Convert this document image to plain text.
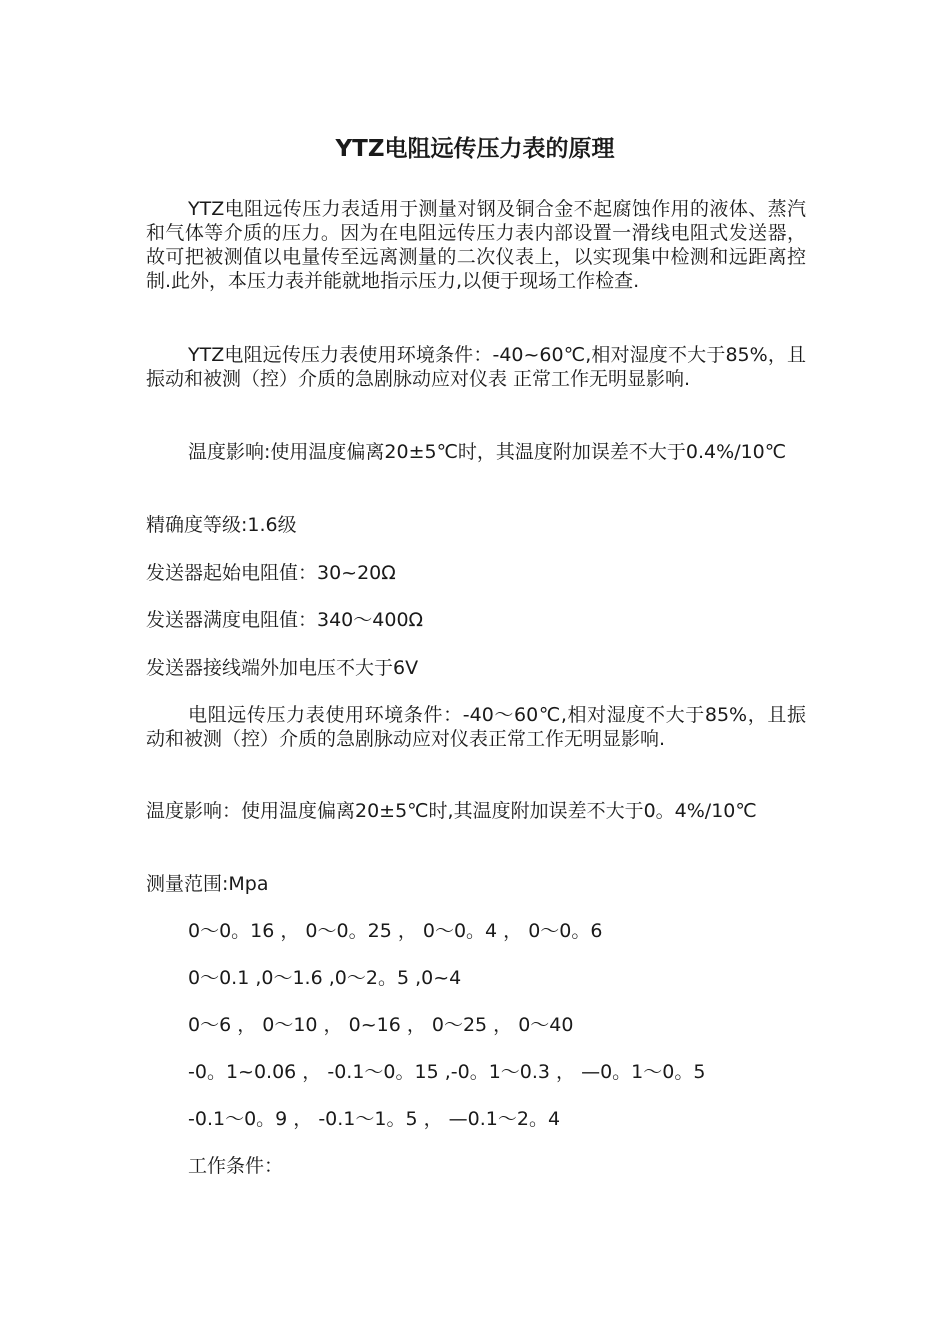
YTZ电阻远传压力表的原理
YTZ电阻远传压力表适用于测量对钢及铜合金不起腐蚀作用的液体、蒸汽和气体等介质的压力。因为在电阻远传压力表内部设置一滑线电阻式发送器，故可把被测值以电量传至远离测量的二次仪表上，以实现集中检测和远距离控制.此外，本压力表并能就地指示压力,以便于现场工作检查.
YTZ电阻远传压力表使用环境条件：-40~60℃,相对湿度不大于85%，且振动和被测（控）介质的急剧脉动应对仪表 正常工作无明显影响.
温度影响:使用温度偏离20±5℃时，其温度附加误差不大于0.4%/10℃
精确度等级:1.6级
发送器起始电阻值：30~20Ω
发送器满度电阻值：340～400Ω
发送器接线端外加电压不大于6V
电阻远传压力表使用环境条件：-40～60℃,相对湿度不大于85%，且振动和被测（控）介质的急剧脉动应对仪表正常工作无明显影响.
温度影响：使用温度偏离20±5℃时,其温度附加误差不大于0。4%/10℃
测量范围:Mpa
0～0。16 ， 0～0。25 ， 0～0。4 ， 0～0。6
0～0.1 ,0～1.6 ,0～2。5 ,0~4
0～6 ， 0～10 ， 0~16 ， 0～25 ， 0～40
-0。1~0.06 ， -0.1～0。15 ,-0。1～0.3 ， —0。1～0。5
-0.1～0。9 ， -0.1～1。5 ， —0.1～2。4
工作条件：
